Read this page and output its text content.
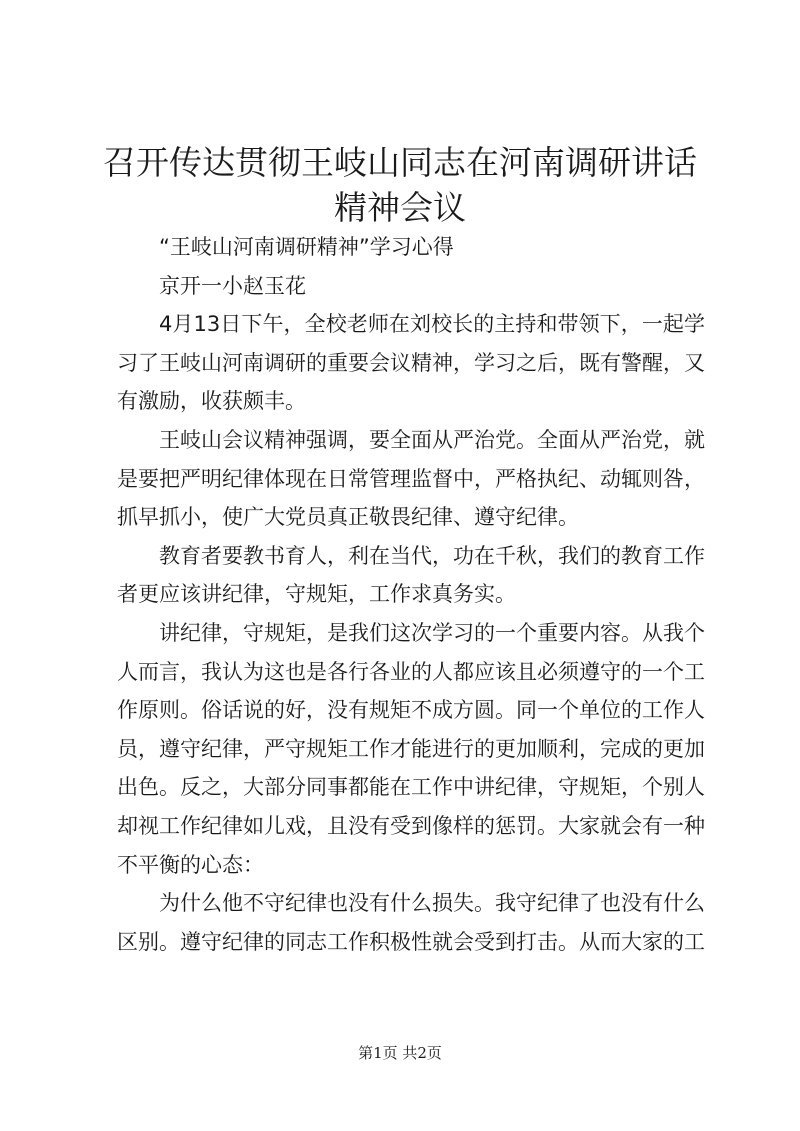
召开传达贯彻王岐山同志在河南调研讲话精神会议

“王岐山河南调研精神”学习心得

京开一小赵玉花

4月13日下午，全校老师在刘校长的主持和带领下，一起学习了王岐山河南调研的重要会议精神，学习之后，既有警醒，又有激励，收获颇丰。

王岐山会议精神强调，要全面从严治党。全面从严治党，就是要把严明纪律体现在日常管理监督中，严格执纪、动辄则咎，抓早抓小，使广大党员真正敬畏纪律、遵守纪律。

教育者要教书育人，利在当代，功在千秋，我们的教育工作者更应该讲纪律，守规矩，工作求真务实。

讲纪律，守规矩，是我们这次学习的一个重要内容。从我个人而言，我认为这也是各行各业的人都应该且必须遵守的一个工作原则。俗话说的好，没有规矩不成方圆。同一个单位的工作人员，遵守纪律，严守规矩工作才能进行的更加顺利，完成的更加出色。反之，大部分同事都能在工作中讲纪律，守规矩，个别人却视工作纪律如儿戏，且没有受到像样的惩罚。大家就会有一种不平衡的心态：

为什么他不守纪律也没有什么损失。我守纪律了也没有什么区别。遵守纪律的同志工作积极性就会受到打击。从而大家的工

第1页 共2页
